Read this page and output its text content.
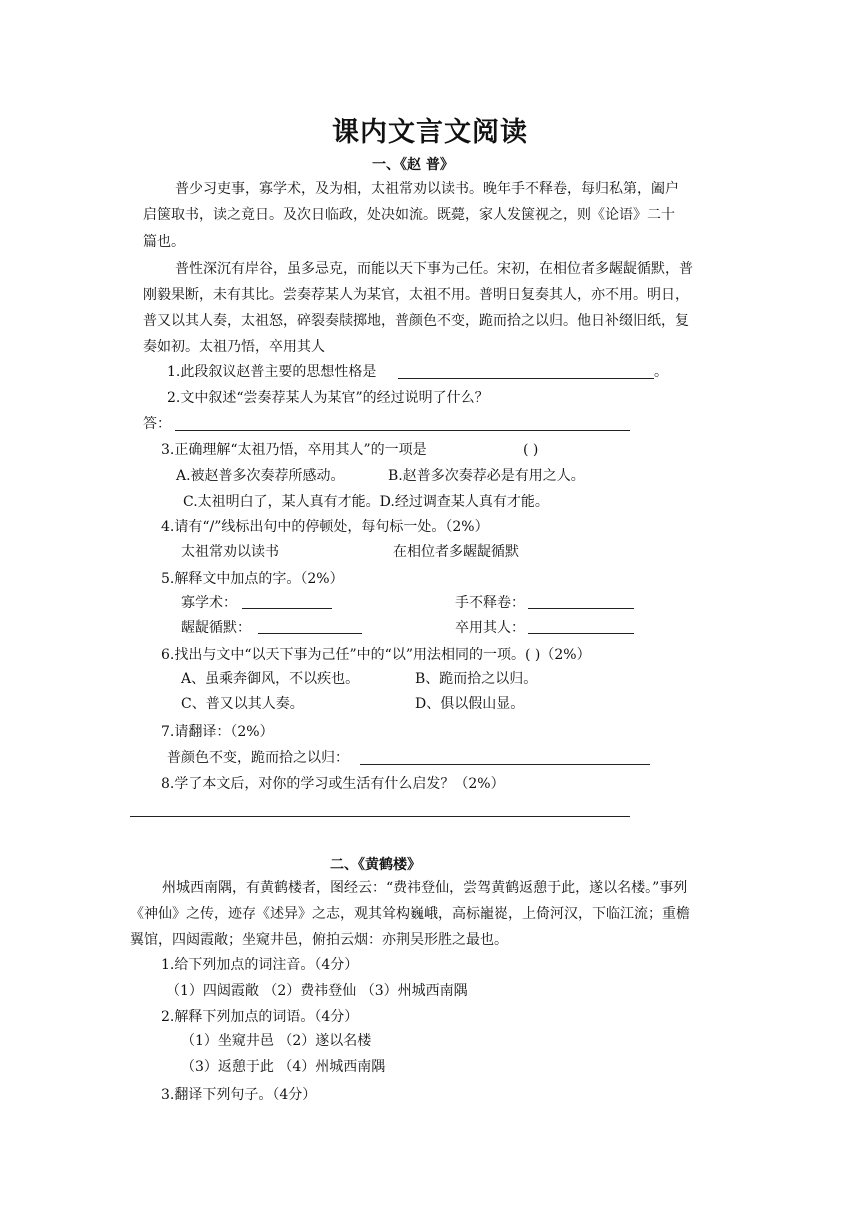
课内文言文阅读
一、《赵 普》
普少习吏事，寡学术，及为相，太祖常劝以读书。晚年手不释卷，每归私第，阖户
启箧取书，读之竟日。及次日临政，处决如流。既薨，家人发箧视之，则《论语》二十
篇也。
普性深沉有岸谷，虽多忌克，而能以天下事为己任。宋初，在相位者多龌龊循默，普
刚毅果断，未有其比。尝奏荐某人为某官，太祖不用。普明日复奏其人，亦不用。明日，
普又以其人奏，太祖怒，碎裂奏牍掷地，普颜色不变，跪而拾之以归。他日补缀旧纸，复
奏如初。太祖乃悟，卒用其人
1.此段叙议赵普主要的思想性格是	。
2.文中叙述“尝奏荐某人为某官”的经过说明了什么？
答：
3.正确理解“太祖乃悟，卒用其人”的一项是	( )
A.被赵普多次奏荐所感动。	B.赵普多次奏荐必是有用之人。
C.太祖明白了，某人真有才能。D.经过调查某人真有才能。
4.请有“/”线标出句中的停顿处，每句标一处。（2%）
太祖常劝以读书	在相位者多龌龊循默
5.解释文中加点的字。（2%）
寡学术：	手不释卷：
龌龊循默：	卒用其人：
6.找出与文中“以天下事为己任”中的“以”用法相同的一项。( )（2%）
A、虽乘奔御风，不以疾也。	B、跪而拾之以归。
C、普又以其人奏。	D、俱以假山显。
7.请翻译：（2%）
普颜色不变，跪而拾之以归：
8.学了本文后，对你的学习或生活有什么启发？（2%）
二、《黄鹤楼》
州城西南隅，有黄鹤楼者，图经云：“费祎登仙，尝驾黄鹤返憩于此，遂以名楼。”事列
《神仙》之传，迹存《述异》之志，观其耸构巍峨，高标巃嵸，上倚河汉，下临江流；重檐
翼馆，四闼霞敞；坐窥井邑，俯拍云烟：亦荆吴形胜之最也。
1.给下列加点的词注音。（4分）
（1）四闼霞敞 （2）费祎登仙 （3）州城西南隅
2.解释下列加点的词语。（4分）
（1）坐窥井邑 （2）遂以名楼
（3）返憩于此 （4）州城西南隅
3.翻译下列句子。（4分）
